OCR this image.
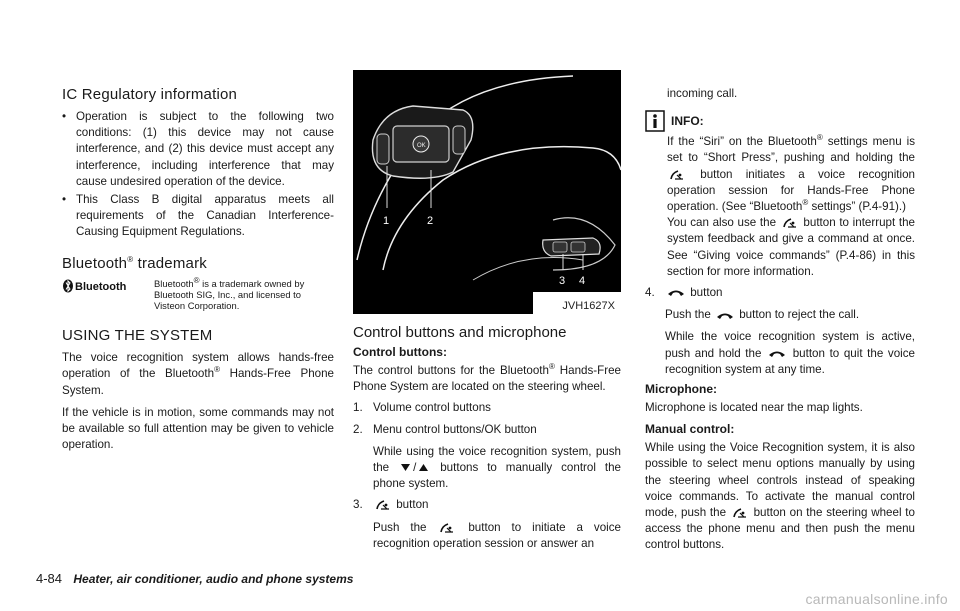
IC Regulatory information
• Operation is subject to the following two conditions: (1) this device may not cause interference, and (2) this device must accept any interference, including interference that may cause undesired operation of the device.

• This Class B digital apparatus meets all requirements of the Canadian Interference-Causing Equipment Regulations.

Bluetooth® trademark
Bluetooth	Bluetooth® is a trademark owned by Bluetooth SIG, Inc., and licensed to Visteon Corporation.
USING THE SYSTEM

The voice recognition system allows hands-free operation of the Bluetooth® Hands-Free Phone System.

If the vehicle is in motion, some commands may not be available so full attention may be given to vehicle operation.

OK
1	2
3 4
JVH1627X
Control buttons and microphone
Control buttons:

The control buttons for the Bluetooth® Hands-Free Phone System are located on the steering wheel.

1. Volume control buttons

2. Menu control buttons/OK button

While using the voice recognition system, push the / buttons to manually control the phone system.

3.	button

Push the	button to initiate a voice recognition operation session or answer an

incoming call.

INFO:

If the “Siri” on the Bluetooth® settings menu is set to “Short Press”, pushing and holding the  button initiates a voice recognition operation session for Hands-Free Phone operation. (See “Bluetooth® settings” (P.4-91).)

You can also use the button to interrupt the system feedback and give a command at once. See “Giving voice commands” (P.4-86) in this section for more information.

4.	button

Push the button to reject the call.

While the voice recognition system is active, push and hold the	button to quit the voice recognition system at any time.

Microphone:

Microphone is located near the map lights.

Manual control:

While using the Voice Recognition system, it is also possible to select menu options manually by using the steering wheel controls instead of speaking voice commands. To activate the manual control mode, push the button on the steering wheel to access the phone menu and then push the menu control buttons.

4-84 Heater, air conditioner, audio and phone systems
carmanualsonline.info
